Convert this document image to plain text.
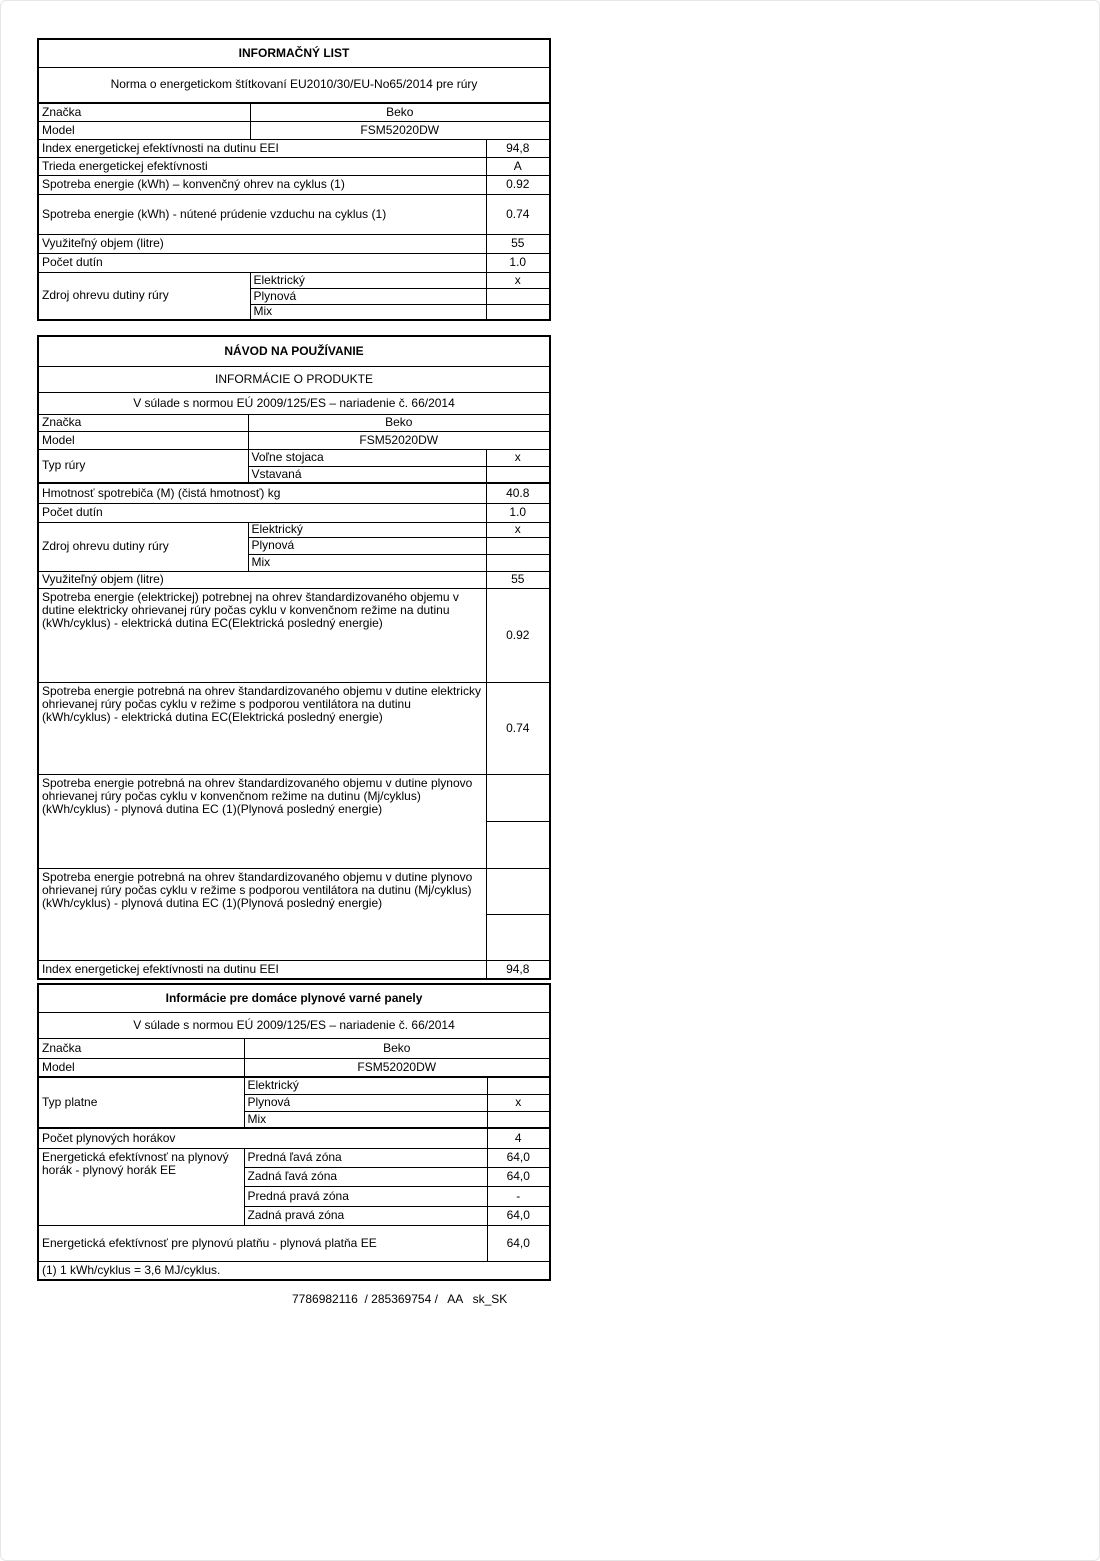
INFORMAČNÝ LIST		
Norma o energetickom štítkovaní EU2010/30/EU-No65/2014 pre rúry		
Značka	Beko	
Model	FSM52020DW	
Index energetickej efektívnosti na dutinu EEI		94,8
Trieda energetickej efektívnosti		A
Spotreba energie (kWh) – konvenčný ohrev na cyklus (1)		0.92
Spotreba energie (kWh) - nútené prúdenie vzduchu na cyklus (1)		0.74
Využiteľný objem (litre)		55
Počet dutín		1.0
Zdroj ohrevu dutiny rúry	Elektrický	x
	Plynová	
	Mix	
NÁVOD NA POUŽÍVANIE		
INFORMÁCIE O PRODUKTE		
V súlade s normou EÚ 2009/125/ES – nariadenie č. 66/2014		
Značka	Beko	
Model	FSM52020DW	
Typ rúry	Voľne stojaca	x
	Vstavaná	
Hmotnosť spotrebiča (M) (čistá hmotnosť) kg		40.8
Počet dutín		1.0
Zdroj ohrevu dutiny rúry	Elektrický	x
	Plynová	
	Mix	
Využiteľný objem (litre)		55
Spotreba energie (elektrickej) potrebnej na ohrev štandardizovaného objemu v dutine elektricky ohrievanej rúry počas cyklu v konvenčnom režime na dutinu (kWh/cyklus) - elektrická dutina EC(Elektrická posledný energie)		0.92
Spotreba energie potrebná na ohrev štandardizovaného objemu v dutine elektricky ohrievanej rúry počas cyklu v režime s podporou ventilátora na dutinu (kWh/cyklus) - elektrická dutina EC(Elektrická posledný energie)		0.74
Spotreba energie potrebná na ohrev štandardizovaného objemu v dutine plynovo ohrievanej rúry počas cyklu v konvenčnom režime na dutinu (Mj/cyklus) (kWh/cyklus) - plynová dutina EC (1)(Plynová posledný energie)		

Spotreba energie potrebná na ohrev štandardizovaného objemu v dutine plynovo ohrievanej rúry počas cyklu v režime s podporou ventilátora na dutinu (Mj/cyklus) (kWh/cyklus) - plynová dutina EC (1)(Plynová posledný energie)		

Index energetickej efektívnosti na dutinu EEI		94,8
Informácie pre domáce plynové varné panely		
V súlade s normou EÚ 2009/125/ES – nariadenie č. 66/2014		
Značka	Beko	
Model	FSM52020DW	
Typ platne	Elektrický	
	Plynová	x
	Mix	
Počet plynových horákov		4
Energetická efektívnosť na plynový horák - plynový horák EE	Predná ľavá zóna	64,0
	Zadná ľavá zóna	64,0
	Predná pravá zóna	-
	Zadná pravá zóna	64,0
Energetická efektívnosť pre plynovú platňu - plynová platňa EE		64,0
(1) 1 kWh/cyklus = 3,6 MJ/cyklus.		
7786982116  / 285369754 /   AA   sk_SK
